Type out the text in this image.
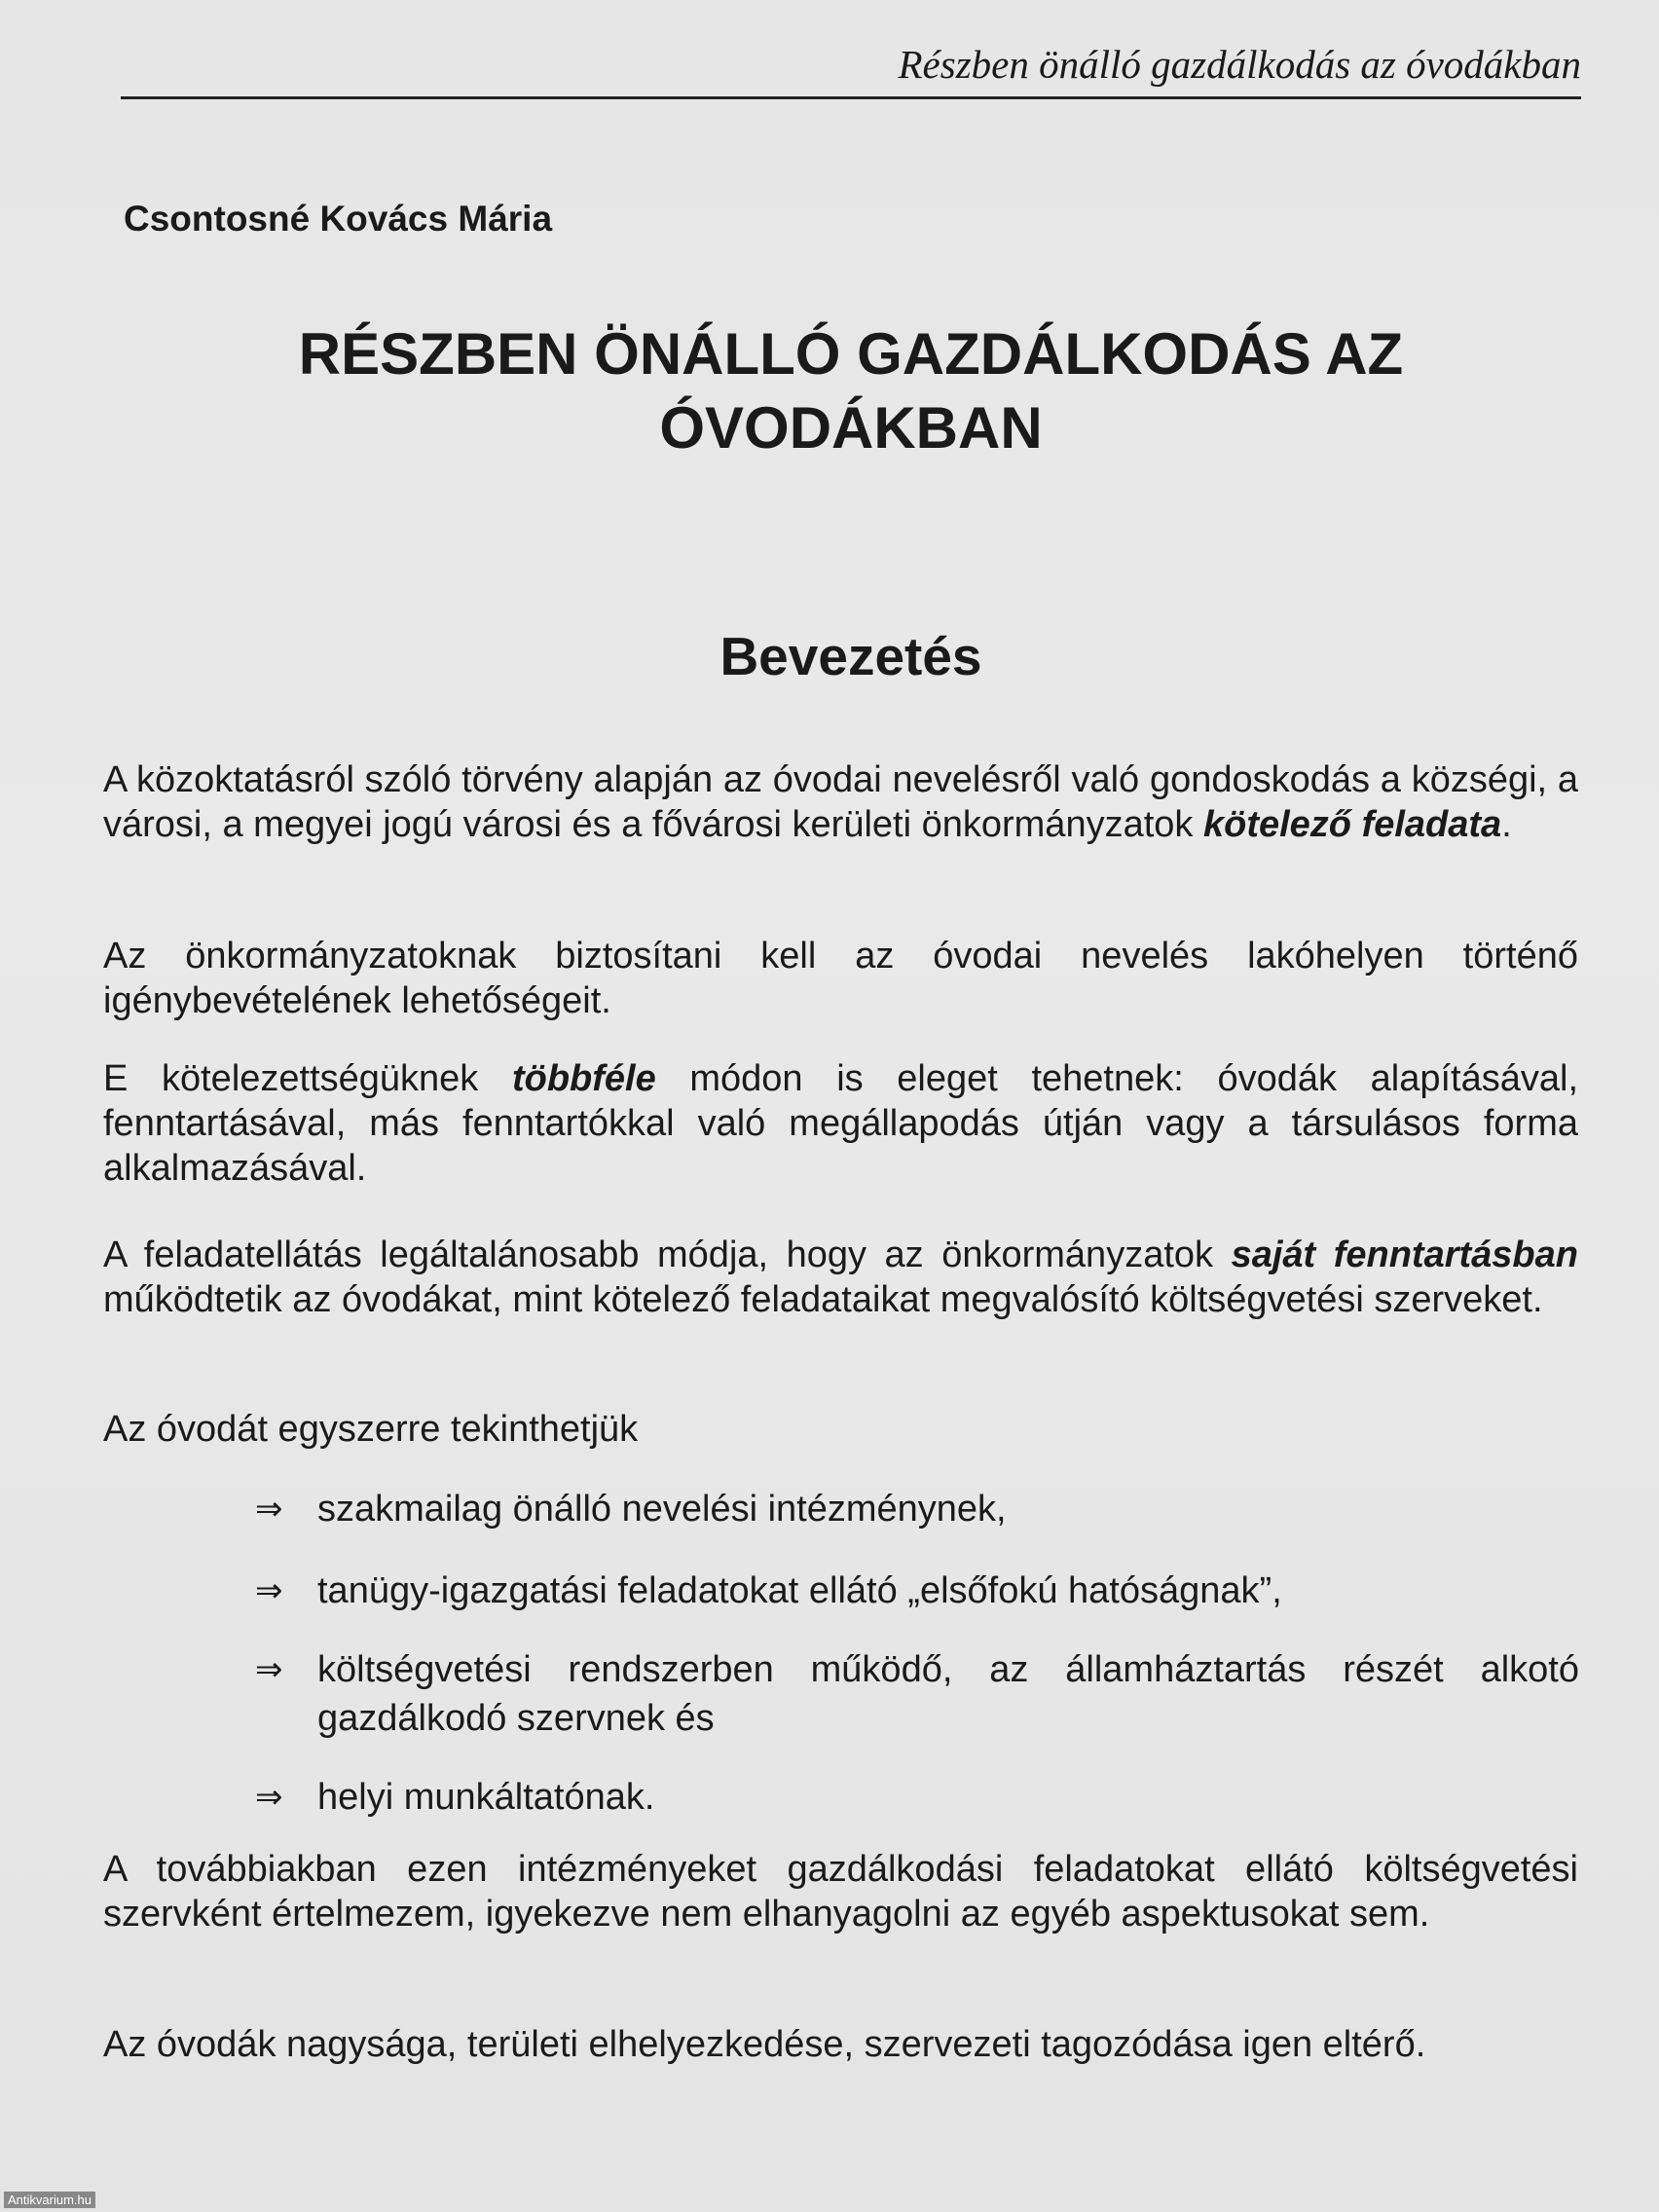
Részben önálló gazdálkodás az óvodákban
Csontosné Kovács Mária
RÉSZBEN ÖNÁLLÓ GAZDÁLKODÁS AZ
ÓVODÁKBAN
Bevezetés

A közoktatásról szóló törvény alapján az óvodai nevelésről való gondoskodás a községi, a városi, a megyei jogú városi és a fővárosi kerületi önkormányzatok kötelező feladata.

Az önkormányzatoknak biztosítani kell az óvodai nevelés lakóhelyen történő igénybevételének lehetőségeit.

E kötelezettségüknek többféle módon is eleget tehetnek: óvodák alapításával, fenntartásával, más fenntartókkal való megállapodás útján vagy a társulásos forma alkalmazásával.

A feladatellátás legáltalánosabb módja, hogy az önkormányzatok saját fenntartásban működtetik az óvodákat, mint kötelező feladataikat megvalósító költségvetési szerveket.

Az óvodát egyszerre tekinthetjük

⇒ szakmailag önálló nevelési intézménynek,
⇒ tanügy-igazgatási feladatokat ellátó „elsőfokú hatóságnak”,
⇒ költségvetési rendszerben működő, az államháztartás részét alkotó gazdálkodó szervnek és
⇒ helyi munkáltatónak.

A továbbiakban ezen intézményeket gazdálkodási feladatokat ellátó költségvetési szervként értelmezem, igyekezve nem elhanyagolni az egyéb aspektusokat sem.

Az óvodák nagysága, területi elhelyezkedése, szervezeti tagozódása igen eltérő.

Antikvarium.hu
